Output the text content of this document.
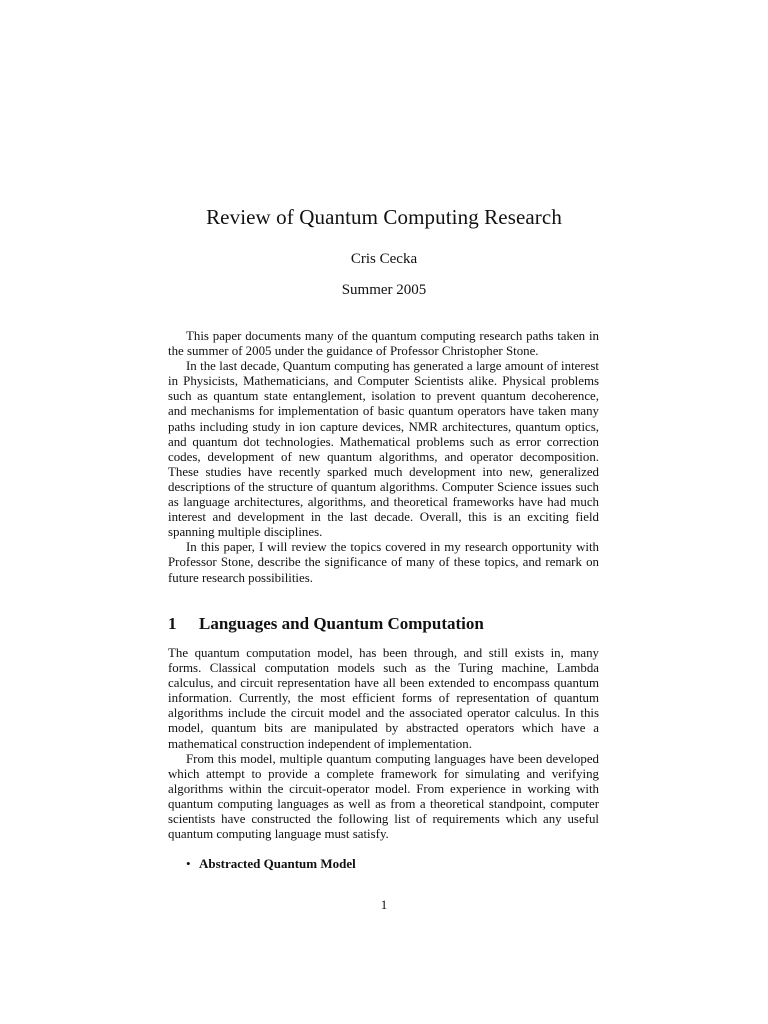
Review of Quantum Computing Research
Cris Cecka
Summer 2005

This paper documents many of the quantum computing research paths taken in the summer of 2005 under the guidance of Professor Christopher Stone.

In the last decade, Quantum computing has generated a large amount of interest in Physicists, Mathematicians, and Computer Scientists alike. Physical problems such as quantum state entanglement, isolation to prevent quantum decoherence, and mechanisms for implementation of basic quantum operators have taken many paths including study in ion capture devices, NMR architectures, quantum optics, and quantum dot technologies. Mathematical problems such as error correction codes, development of new quantum algorithms, and operator decomposition. These studies have recently sparked much development into new, generalized descriptions of the structure of quantum algorithms. Computer Science issues such as language architectures, algorithms, and theoretical frameworks have had much interest and development in the last decade. Overall, this is an exciting field spanning multiple disciplines.

In this paper, I will review the topics covered in my research opportunity with Professor Stone, describe the significance of many of these topics, and remark on future research possibilities.

1	Languages and Quantum Computation

The quantum computation model, has been through, and still exists in, many forms. Classical computation models such as the Turing machine, Lambda calculus, and circuit representation have all been extended to encompass quantum information. Currently, the most efficient forms of representation of quantum algorithms include the circuit model and the associated operator calculus. In this model, quantum bits are manipulated by abstracted operators which have a mathematical construction independent of implementation.

From this model, multiple quantum computing languages have been developed which attempt to provide a complete framework for simulating and verifying algorithms within the circuit-operator model. From experience in working with quantum computing languages as well as from a theoretical standpoint, computer scientists have constructed the following list of requirements which any useful quantum computing language must satisfy.

• Abstracted Quantum Model
1
